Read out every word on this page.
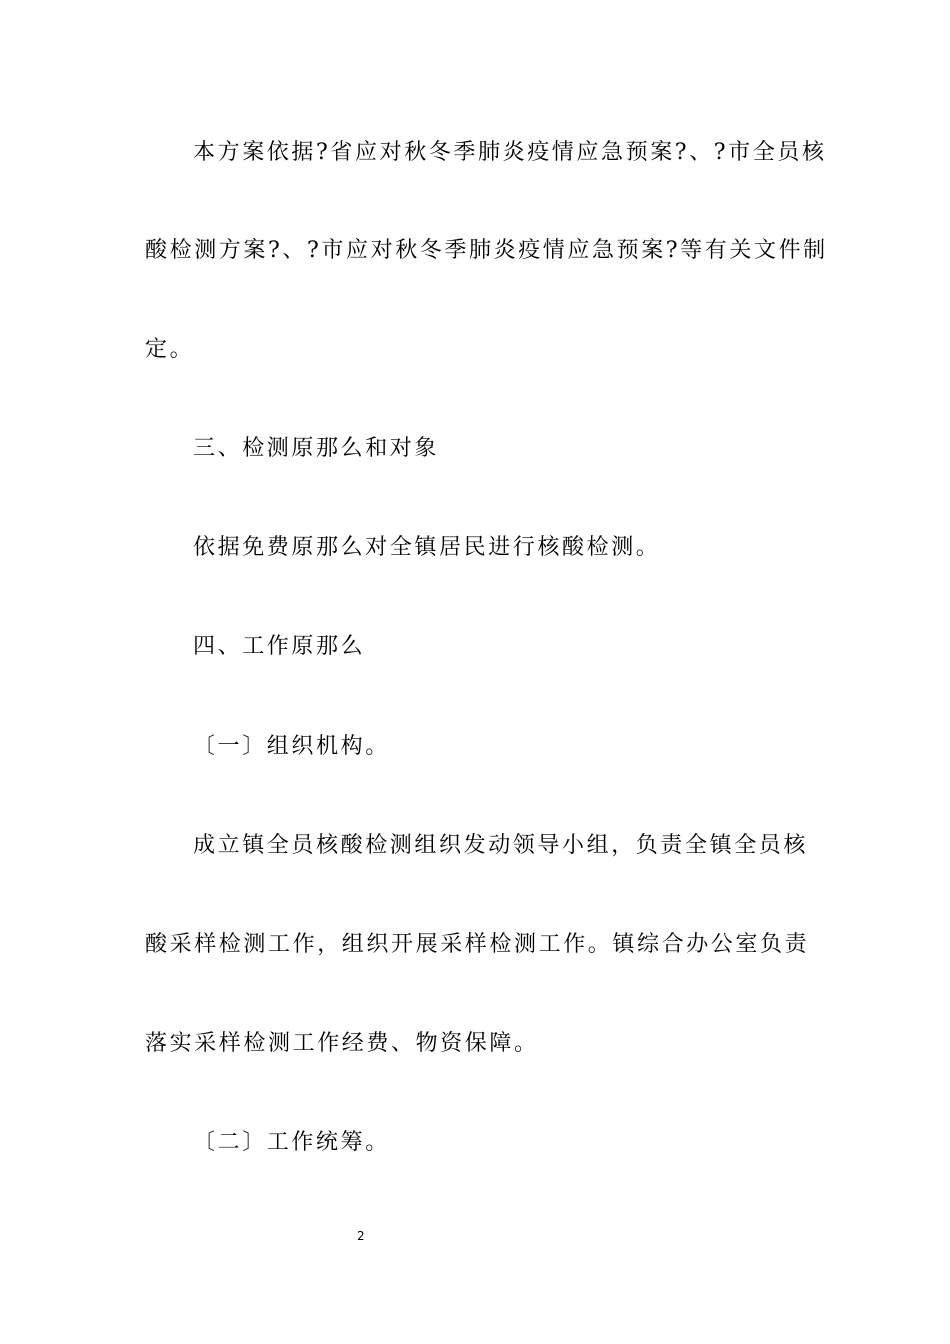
本方案依据?省应对秋冬季肺炎疫情应急预案?、?市全员核
酸检测方案?、?市应对秋冬季肺炎疫情应急预案?等有关文件制
定。
三、检测原那么和对象
依据免费原那么对全镇居民进行核酸检测。
四、工作原那么
〔一〕组织机构。
成立镇全员核酸检测组织发动领导小组，负责全镇全员核
酸采样检测工作，组织开展采样检测工作。镇综合办公室负责
落实采样检测工作经费、物资保障。
〔二〕工作统筹。
2
